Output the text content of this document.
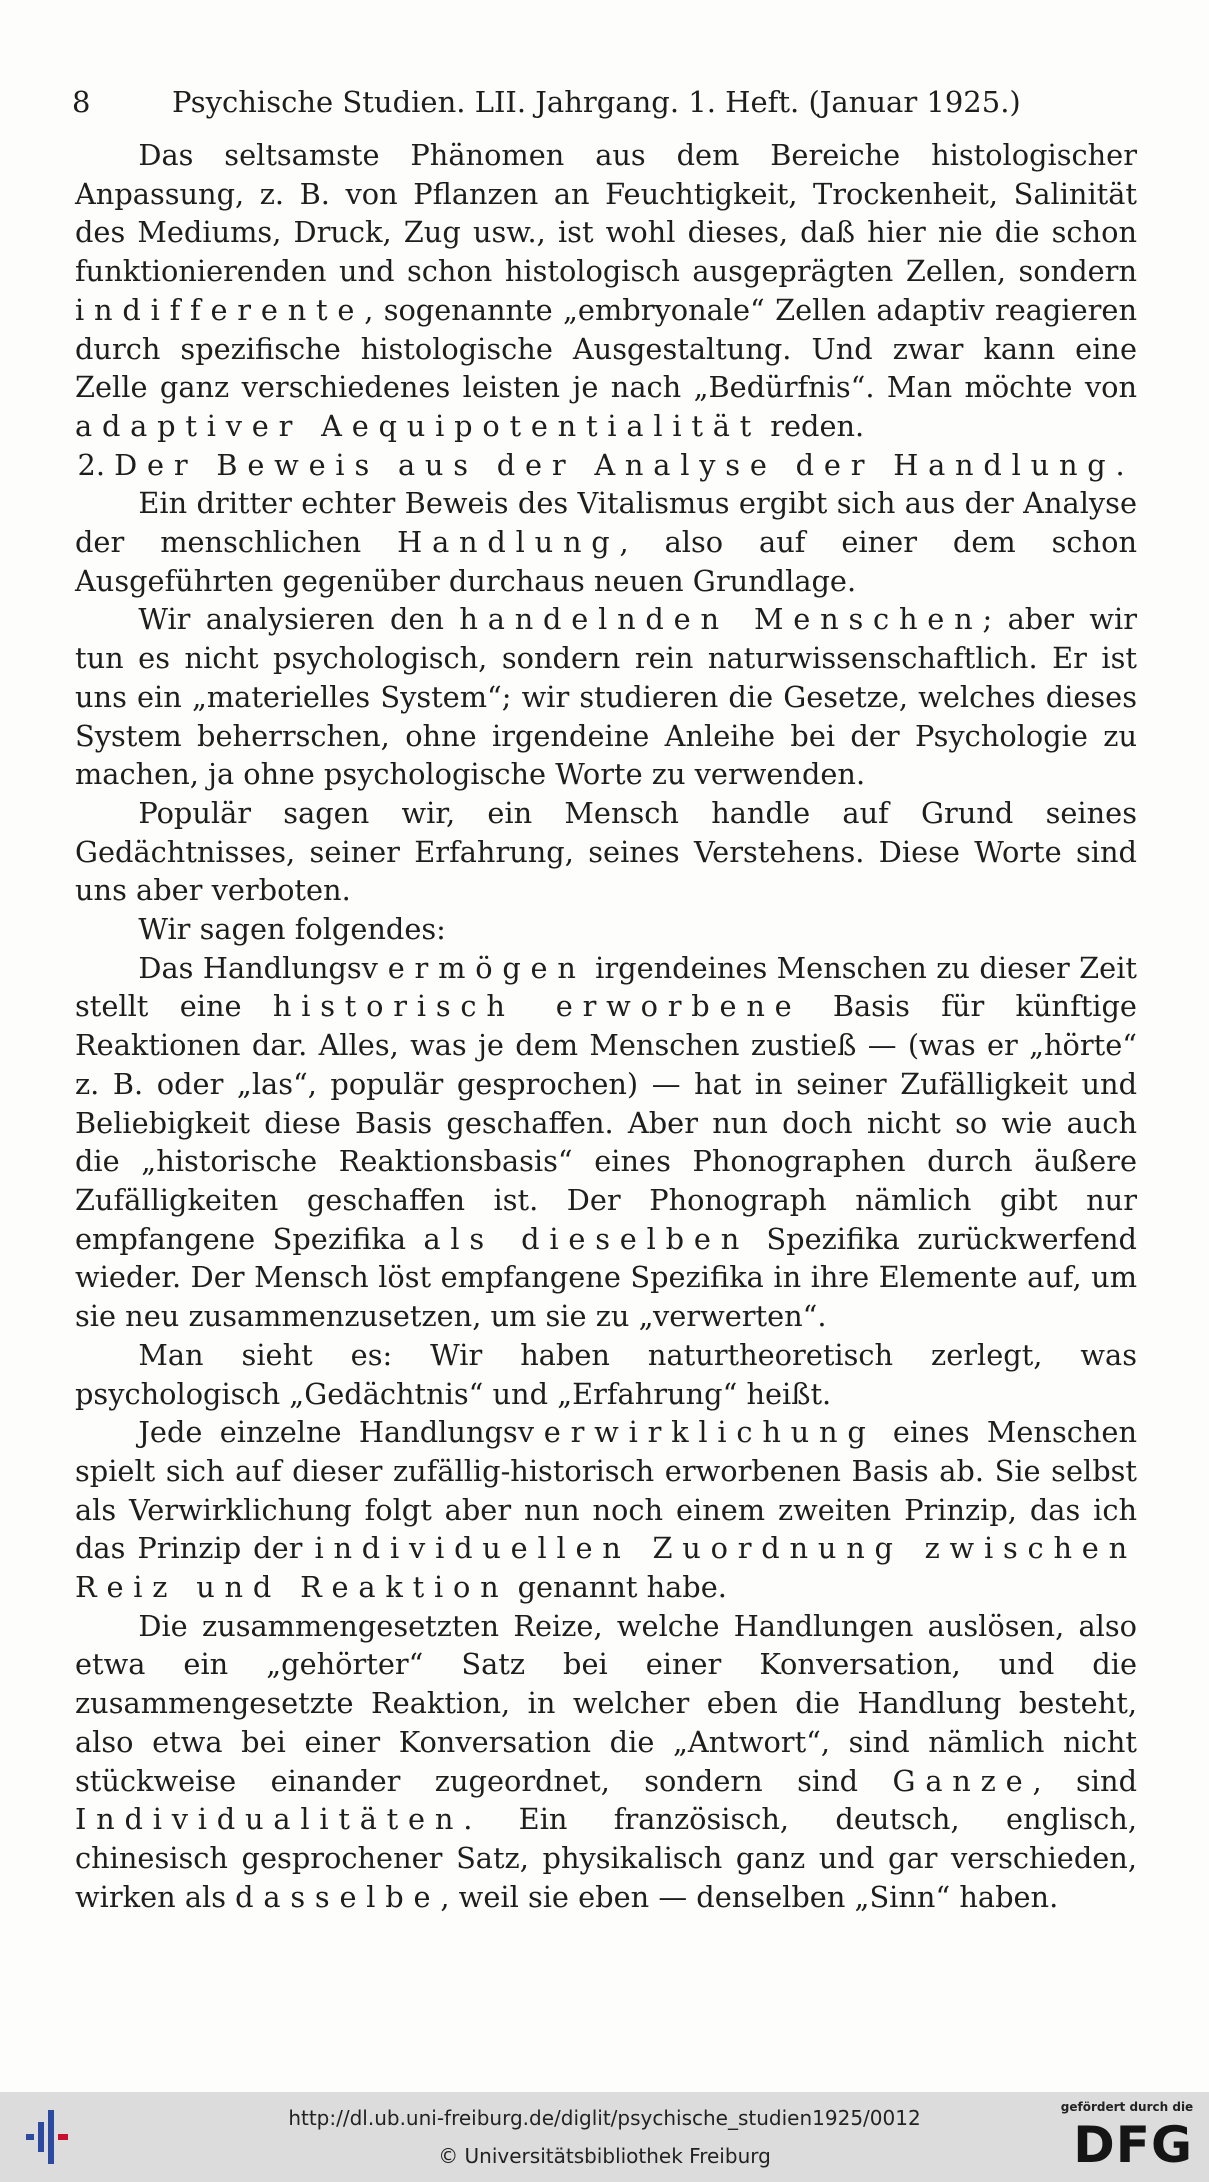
8	Psychische Studien. LII. Jahrgang. 1. Heft. (Januar 1925.)

Das seltsamste Phänomen aus dem Bereiche histologischer Anpassung, z. B. von Pflanzen an Feuchtigkeit, Trockenheit, Salinität des Mediums, Druck, Zug usw., ist wohl dieses, daß hier nie die schon funktionierenden und schon histologisch ausgeprägten Zellen, sondern indifferente, sogenannte „embryonale“ Zellen adaptiv reagieren durch spezifische histologische Ausgestaltung. Und zwar kann eine Zelle ganz verschiedenes leisten je nach „Bedürfnis“. Man möchte von adaptiver Aequipotentialität reden.

2. Der Beweis aus der Analyse der Handlung.

Ein dritter echter Beweis des Vitalismus ergibt sich aus der Analyse der menschlichen Handlung, also auf einer dem schon Ausgeführten gegenüber durchaus neuen Grundlage.

Wir analysieren den handelnden Menschen; aber wir tun es nicht psychologisch, sondern rein naturwissenschaftlich. Er ist uns ein „materielles System“; wir studieren die Gesetze, welches dieses System beherrschen, ohne irgendeine Anleihe bei der Psychologie zu machen, ja ohne psychologische Worte zu verwenden.

Populär sagen wir, ein Mensch handle auf Grund seines Gedächtnisses, seiner Erfahrung, seines Verstehens. Diese Worte sind uns aber verboten.

Wir sagen folgendes:

Das Handlungsvermögen irgendeines Menschen zu dieser Zeit stellt eine historisch erworbene Basis für künftige Reaktionen dar. Alles, was je dem Menschen zustieß — (was er „hörte“ z. B. oder „las“, populär gesprochen) — hat in seiner Zufälligkeit und Beliebigkeit diese Basis geschaffen. Aber nun doch nicht so wie auch die „historische Reaktionsbasis“ eines Phonographen durch äußere Zufälligkeiten geschaffen ist. Der Phonograph nämlich gibt nur empfangene Spezifika als dieselben Spezifika zurückwerfend wieder. Der Mensch löst empfangene Spezifika in ihre Elemente auf, um sie neu zusammenzusetzen, um sie zu „verwerten“.

Man sieht es: Wir haben naturtheoretisch zerlegt, was psychologisch „Gedächtnis“ und „Erfahrung“ heißt.

Jede einzelne Handlungsverwirklichung eines Menschen spielt sich auf dieser zufällig-historisch erworbenen Basis ab. Sie selbst als Verwirklichung folgt aber nun noch einem zweiten Prinzip, das ich das Prinzip der individuellen Zuordnung zwischen Reiz und Reaktion genannt habe.

Die zusammengesetzten Reize, welche Handlungen auslösen, also etwa ein „gehörter“ Satz bei einer Konversation, und die zusammengesetzte Reaktion, in welcher eben die Handlung besteht, also etwa bei einer Konversation die „Antwort“, sind nämlich nicht stückweise einander zugeordnet, sondern sind Ganze, sind Individualitäten. Ein französisch, deutsch, englisch, chinesisch gesprochener Satz, physikalisch ganz und gar verschieden, wirken als dasselbe, weil sie eben — denselben „Sinn“ haben.

http://dl.ub.uni-freiburg.de/diglit/psychische_studien1925/0012
© Universitätsbibliothek Freiburg
gefördert durch die
DFG
